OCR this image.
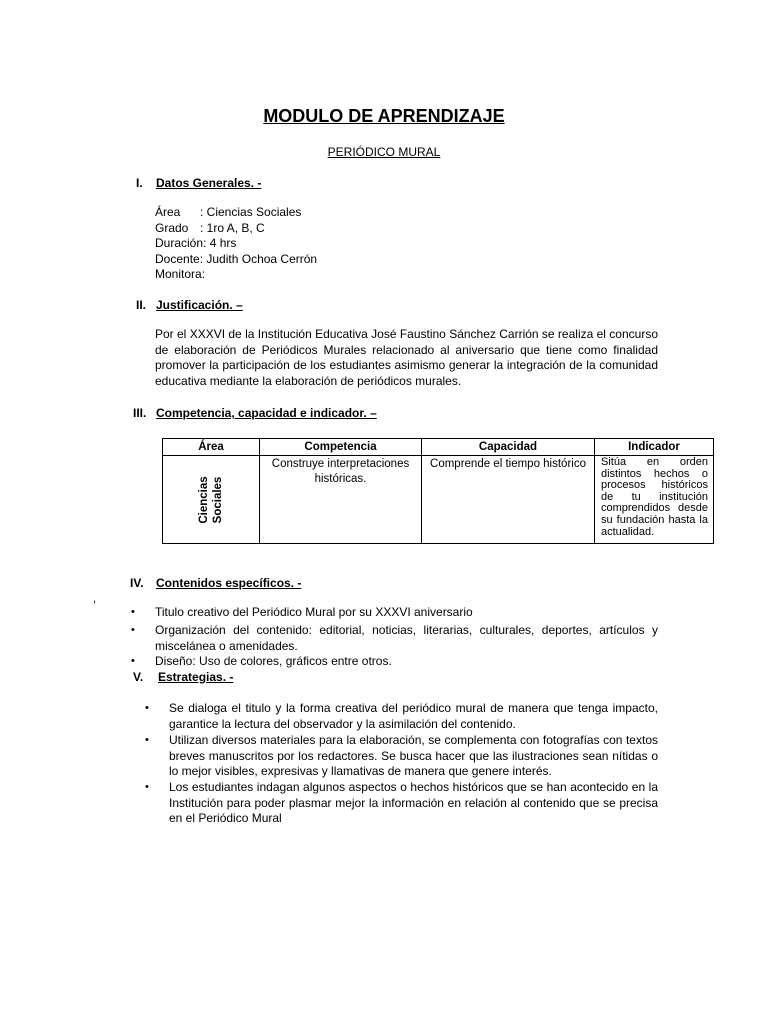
MODULO DE APRENDIZAJE
PERIÓDICO MURAL
I. Datos Generales. -
Área : Ciencias Sociales
Grado : 1ro A, B, C
Duración: 4 hrs
Docente: Judith Ochoa Cerrón
Monitora:
II. Justificación. –
Por el XXXVI de la Institución Educativa José Faustino Sánchez Carrión se realiza el concurso de elaboración de Periódicos Murales relacionado al aniversario que tiene como finalidad promover la participación de los estudiantes asimismo generar la integración de la comunidad educativa mediante la elaboración de periódicos murales.
III. Competencia, capacidad e indicador. –
Área	Competencia	Capacidad	Indicador

Ciencias Sociales	Construye interpretaciones históricas.	Comprende el tiempo histórico	Sitúa en orden distintos hechos o procesos históricos de tu institución comprendidos desde su fundación hasta la actualidad.
IV. Contenidos específicos. -
,
• Titulo creativo del Periódico Mural por su XXXVI aniversario
• Organización del contenido: editorial, noticias, literarias, culturales, deportes, artículos y miscelánea o amenidades.
• Diseño: Uso de colores, gráficos entre otros.
V. Estrategias. -
• Se dialoga el titulo y la forma creativa del periódico mural de manera que tenga impacto, garantice la lectura del observador y la asimilación del contenido.
• Utilizan diversos materiales para la elaboración, se complementa con fotografías con textos breves manuscritos por los redactores. Se busca hacer que las ilustraciones sean nítidas o lo mejor visibles, expresivas y llamativas de manera que genere interés.
• Los estudiantes indagan algunos aspectos o hechos históricos que se han acontecido en la Institución para poder plasmar mejor la información en relación al contenido que se precisa en el Periódico Mural
